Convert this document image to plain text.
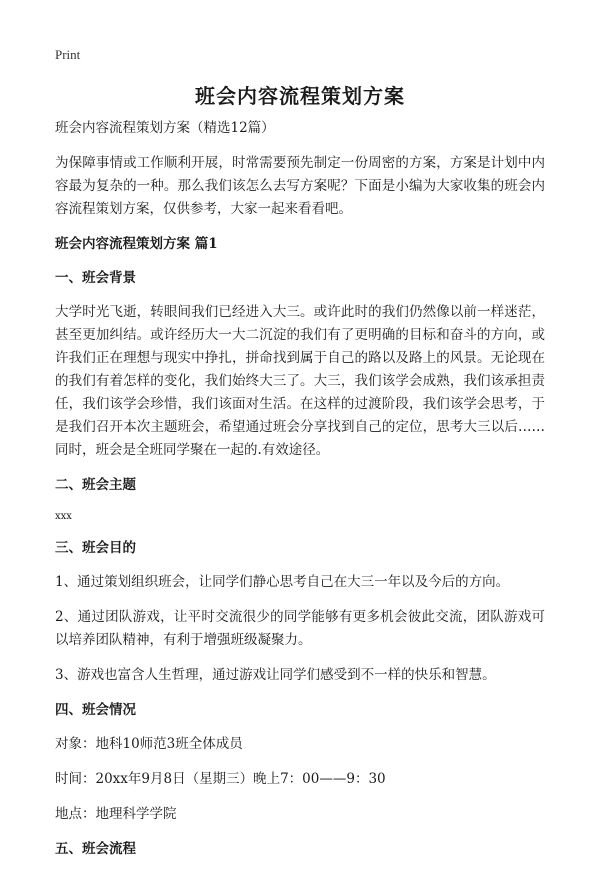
Print
班会内容流程策划方案

班会内容流程策划方案（精选12篇）

为保障事情或工作顺利开展，时常需要预先制定一份周密的方案，方案是计划中内容最为复杂的一种。那么我们该怎么去写方案呢？下面是小编为大家收集的班会内容流程策划方案，仅供参考，大家一起来看看吧。

班会内容流程策划方案 篇1

一、班会背景

大学时光飞逝，转眼间我们已经进入大三。或许此时的我们仍然像以前一样迷茫，甚至更加纠结。或许经历大一大二沉淀的我们有了更明确的目标和奋斗的方向，或许我们正在理想与现实中挣扎，拼命找到属于自己的路以及路上的风景。无论现在的我们有着怎样的变化，我们始终大三了。大三，我们该学会成熟，我们该承担责任，我们该学会珍惜，我们该面对生活。在这样的过渡阶段，我们该学会思考，于是我们召开本次主题班会，希望通过班会分享找到自己的定位，思考大三以后……同时，班会是全班同学聚在一起的.有效途径。

二、班会主题

xxx

三、班会目的

1、通过策划组织班会，让同学们静心思考自己在大三一年以及今后的方向。

2、通过团队游戏，让平时交流很少的同学能够有更多机会彼此交流，团队游戏可以培养团队精神，有利于增强班级凝聚力。

3、游戏也富含人生哲理，通过游戏让同学们感受到不一样的快乐和智慧。

四、班会情况

对象：地科10师范3班全体成员

时间：20xx年9月8日（星期三）晚上7：00——9：30

地点：地理科学学院

五、班会流程
